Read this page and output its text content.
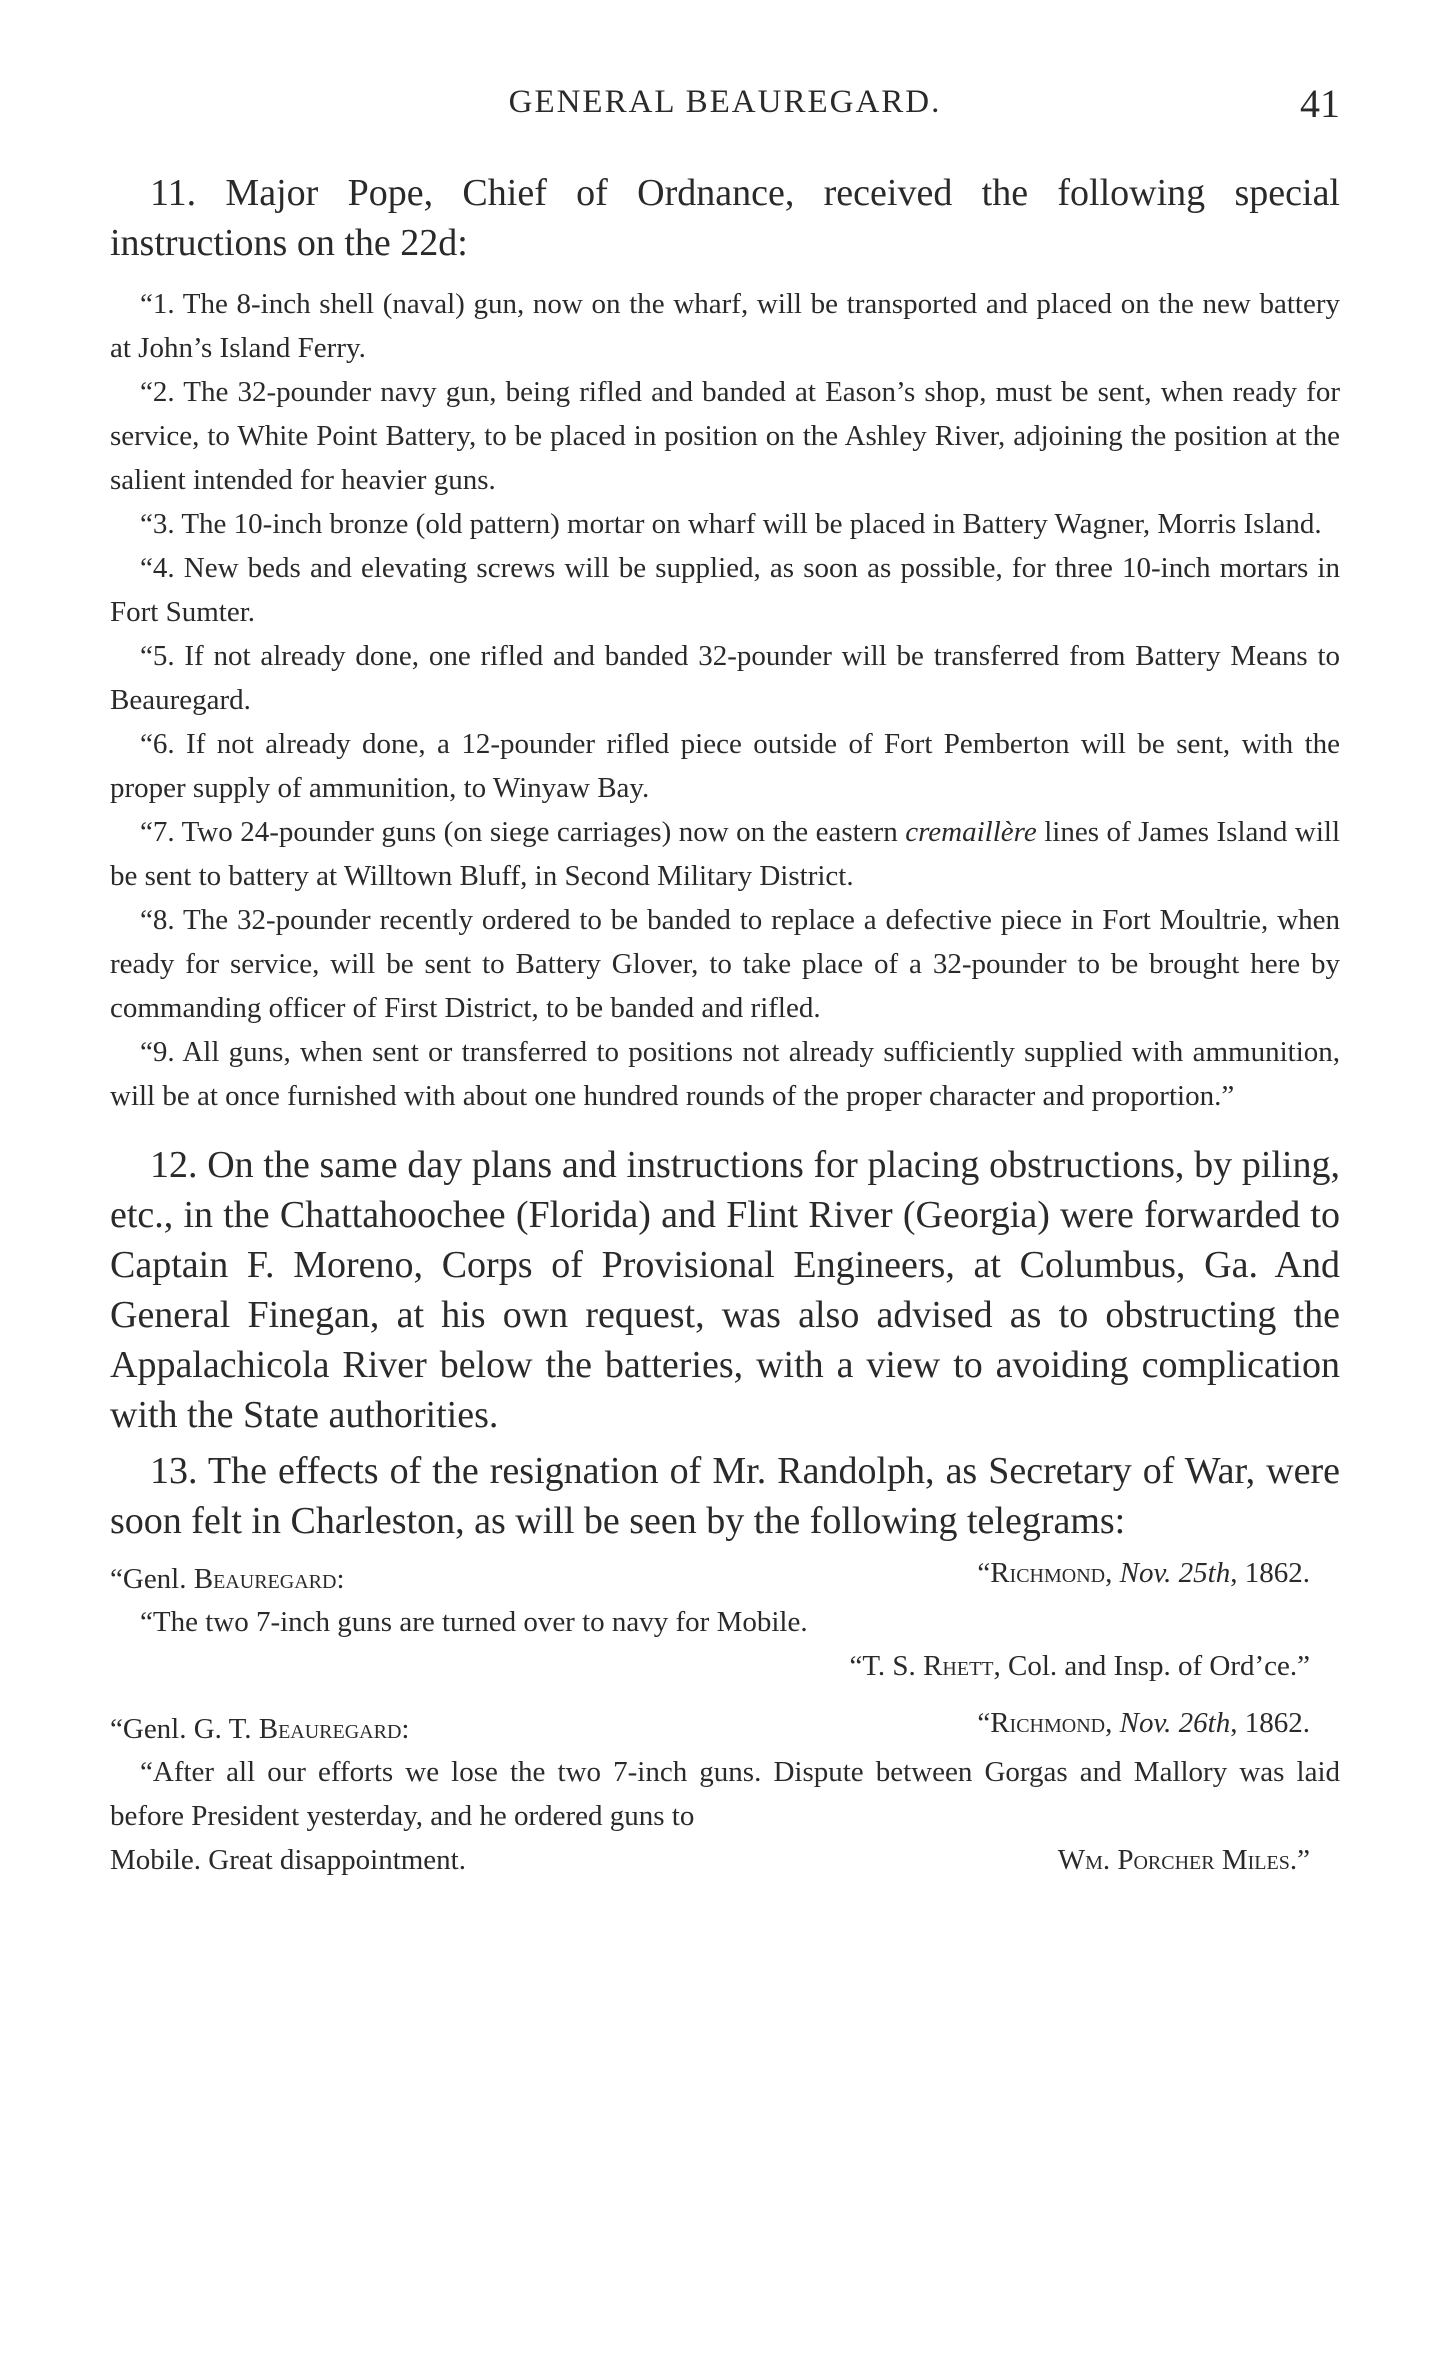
GENERAL BEAUREGARD.	41

11. Major Pope, Chief of Ordnance, received the following special instructions on the 22d:

“1. The 8-inch shell (naval) gun, now on the wharf, will be transported and placed on the new battery at John’s Island Ferry.

“2. The 32-pounder navy gun, being rifled and banded at Eason’s shop, must be sent, when ready for service, to White Point Battery, to be placed in position on the Ashley River, adjoining the position at the salient intended for heavier guns.

“3. The 10-inch bronze (old pattern) mortar on wharf will be placed in Battery Wagner, Morris Island.

“4. New beds and elevating screws will be supplied, as soon as possible, for three 10-inch mortars in Fort Sumter.

“5. If not already done, one rifled and banded 32-pounder will be transferred from Battery Means to Beauregard.

“6. If not already done, a 12-pounder rifled piece outside of Fort Pemberton will be sent, with the proper supply of ammunition, to Winyaw Bay.

“7. Two 24-pounder guns (on siege carriages) now on the eastern cremaillère lines of James Island will be sent to battery at Willtown Bluff, in Second Military District.

“8. The 32-pounder recently ordered to be banded to replace a defective piece in Fort Moultrie, when ready for service, will be sent to Battery Glover, to take place of a 32-pounder to be brought here by commanding officer of First District, to be banded and rifled.

“9. All guns, when sent or transferred to positions not already sufficiently supplied with ammunition, will be at once furnished with about one hundred rounds of the proper character and proportion.”

12. On the same day plans and instructions for placing obstructions, by piling, etc., in the Chattahoochee (Florida) and Flint River (Georgia) were forwarded to Captain F. Moreno, Corps of Provisional Engineers, at Columbus, Ga. And General Finegan, at his own request, was also advised as to obstructing the Appalachicola River below the batteries, with a view to avoiding complication with the State authorities.

13. The effects of the resignation of Mr. Randolph, as Secretary of War, were soon felt in Charleston, as will be seen by the following telegrams:

“Genl. Beauregard:	“Richmond, Nov. 25th, 1862.

“The two 7-inch guns are turned over to navy for Mobile.

“T. S. Rhett, Col. and Insp. of Ord’ce.”
“Genl. G. T. Beauregard:	“Richmond, Nov. 26th, 1862.

“After all our efforts we lose the two 7-inch guns. Dispute between Gorgas and Mallory was laid before President yesterday, and he ordered guns to

Mobile. Great disappointment.	Wm. Porcher Miles.”
